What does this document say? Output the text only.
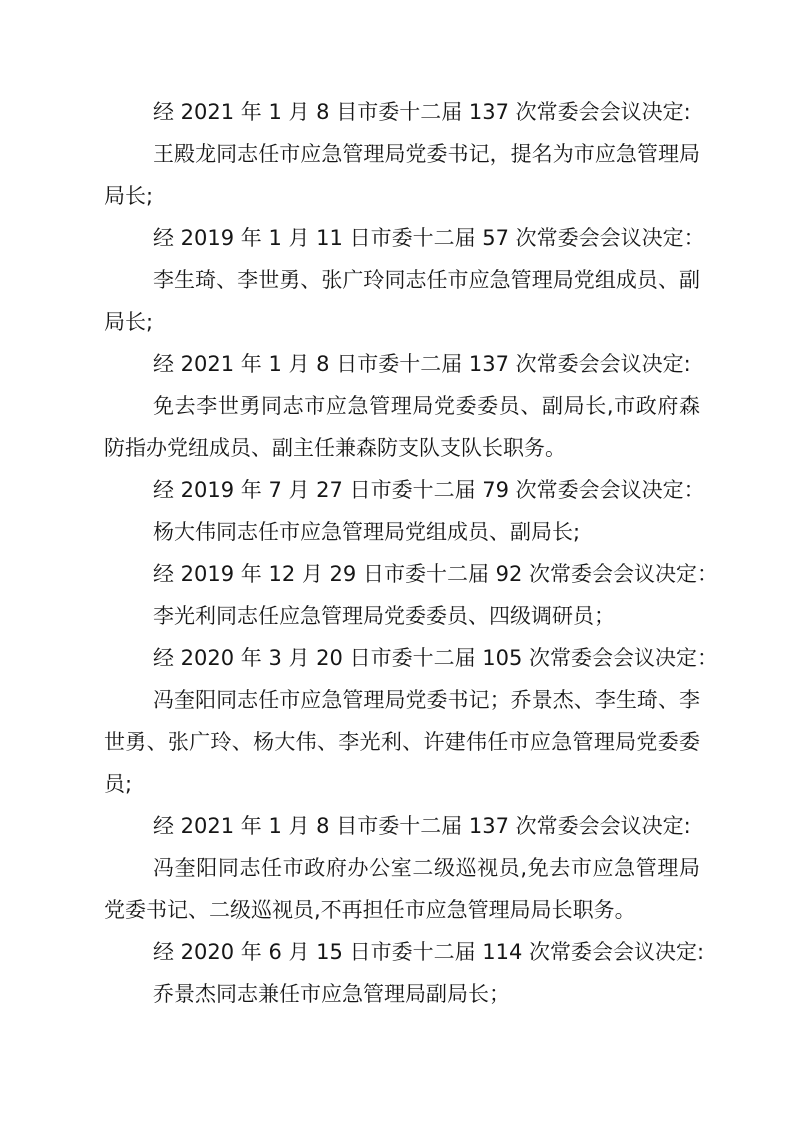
经 2021 年 1 月 8 目市委十二届 137 次常委会会议决定:

王殿龙同志任市应急管理局党委书记，提名为市应急管理局
局长;

经 2019 年 1 月 11 日市委十二届 57 次常委会会议决定：

李生琦、李世勇、张广玲同志任市应急管理局党组成员、副
局长;

经 2021 年 1 月 8 日市委十二届 137 次常委会会议决定:

免去李世勇同志市应急管理局党委委员、副局长,市政府森
防指办党纽成员、副主任兼森防支队支队长职务。

经 2019 年 7 月 27 日市委十二届 79 次常委会会议决定：

杨大伟同志任市应急管理局党组成员、副局长;

经 2019 年 12 月 29 日市委十二届 92 次常委会会议决定：

李光利同志任应急管理局党委委员、四级调研员；

经 2020 年 3 月 20 日市委十二届 105 次常委会会议决定：

冯奎阳同志任市应急管理局党委书记；乔景杰、李生琦、李
世勇、张广玲、杨大伟、李光利、许建伟任市应急管理局党委委
员;

经 2021 年 1 月 8 目市委十二届 137 次常委会会议决定:

冯奎阳同志任市政府办公室二级巡视员,免去市应急管理局
党委书记、二级巡视员,不再担任市应急管理局局长职务。

经 2020 年 6 月 15 日市委十二届 114 次常委会会议决定:

乔景杰同志兼任市应急管理局副局长；
